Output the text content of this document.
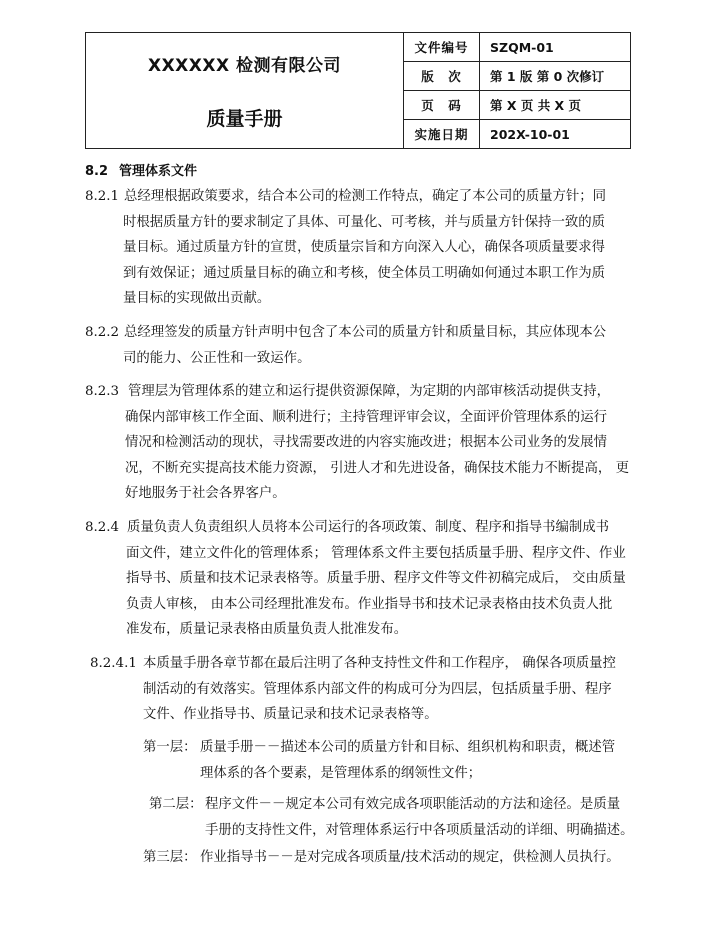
XXXXXX 检测有限公司
质量手册	文件编号	SZQM-01
	版　次	第 1 版 第 0 次修订
	页　码	第 X 页 共 X 页
	实施日期	202X-10-01
8.2 管理体系文件
8.2.1 总经理根据政策要求，结合本公司的检测工作特点，确定了本公司的质量方针；同
时根据质量方针的要求制定了具体、可量化、可考核，并与质量方针保持一致的质
量目标。通过质量方针的宣贯，使质量宗旨和方向深入人心，确保各项质量要求得
到有效保证；通过质量目标的确立和考核，使全体员工明确如何通过本职工作为质
量目标的实现做出贡献。
8.2.2 总经理签发的质量方针声明中包含了本公司的质量方针和质量目标，其应体现本公
司的能力、公正性和一致运作。
8.2.3 管理层为管理体系的建立和运行提供资源保障，为定期的内部审核活动提供支持，
确保内部审核工作全面、顺利进行；主持管理评审会议，全面评价管理体系的运行
情况和检测活动的现状，寻找需要改进的内容实施改进；根据本公司业务的发展情
况，不断充实提高技术能力资源， 引进人才和先进设备，确保技术能力不断提高， 更
好地服务于社会各界客户。
8.2.4 质量负责人负责组织人员将本公司运行的各项政策、制度、程序和指导书编制成书
面文件，建立文件化的管理体系； 管理体系文件主要包括质量手册、程序文件、作业
指导书、质量和技术记录表格等。质量手册、程序文件等文件初稿完成后， 交由质量
负责人审核， 由本公司经理批准发布。作业指导书和技术记录表格由技术负责人批
准发布，质量记录表格由质量负责人批准发布。
8.2.4.1 本质量手册各章节都在最后注明了各种支持性文件和工作程序， 确保各项质量控
制活动的有效落实。管理体系内部文件的构成可分为四层，包括质量手册、程序
文件、作业指导书、质量记录和技术记录表格等。
第一层： 质量手册－－描述本公司的质量方针和目标、组织机构和职责，概述管
理体系的各个要素，是管理体系的纲领性文件；
第二层： 程序文件－－规定本公司有效完成各项职能活动的方法和途径。是质量
手册的支持性文件，对管理体系运行中各项质量活动的详细、明确描述。
第三层： 作业指导书－－是对完成各项质量/技术活动的规定，供检测人员执行。
